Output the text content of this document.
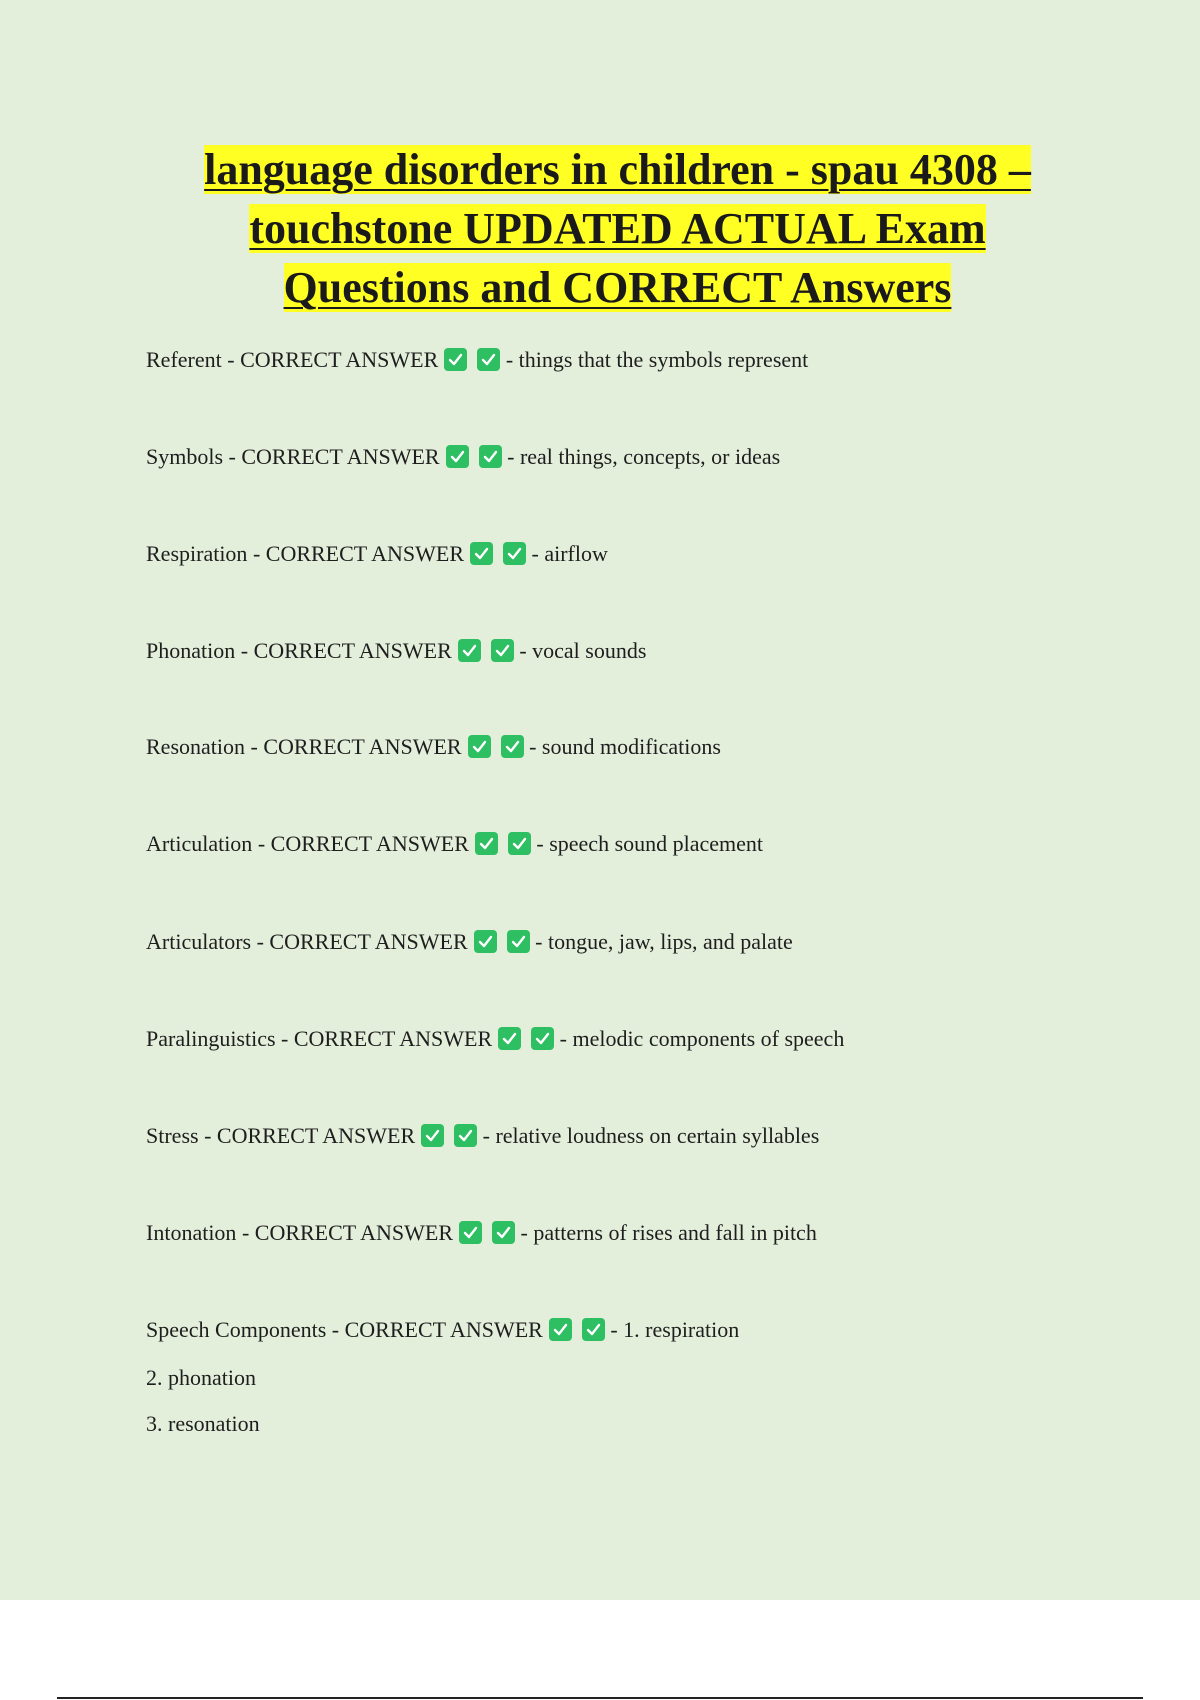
language disorders in children - spau 4308 –
touchstone UPDATED ACTUAL Exam
Questions and CORRECT Answers
Referent - CORRECT ANSWER	- things that the symbols represent
Symbols - CORRECT ANSWER	- real things, concepts, or ideas
Respiration - CORRECT ANSWER	- airflow
Phonation - CORRECT ANSWER	- vocal sounds
Resonation - CORRECT ANSWER	- sound modifications
Articulation - CORRECT ANSWER	- speech sound placement
Articulators - CORRECT ANSWER	- tongue, jaw, lips, and palate
Paralinguistics - CORRECT ANSWER	- melodic components of speech
Stress - CORRECT ANSWER	- relative loudness on certain syllables
Intonation - CORRECT ANSWER	- patterns of rises and fall in pitch
Speech Components - CORRECT ANSWER	- 1. respiration
2. phonation
3. resonation
